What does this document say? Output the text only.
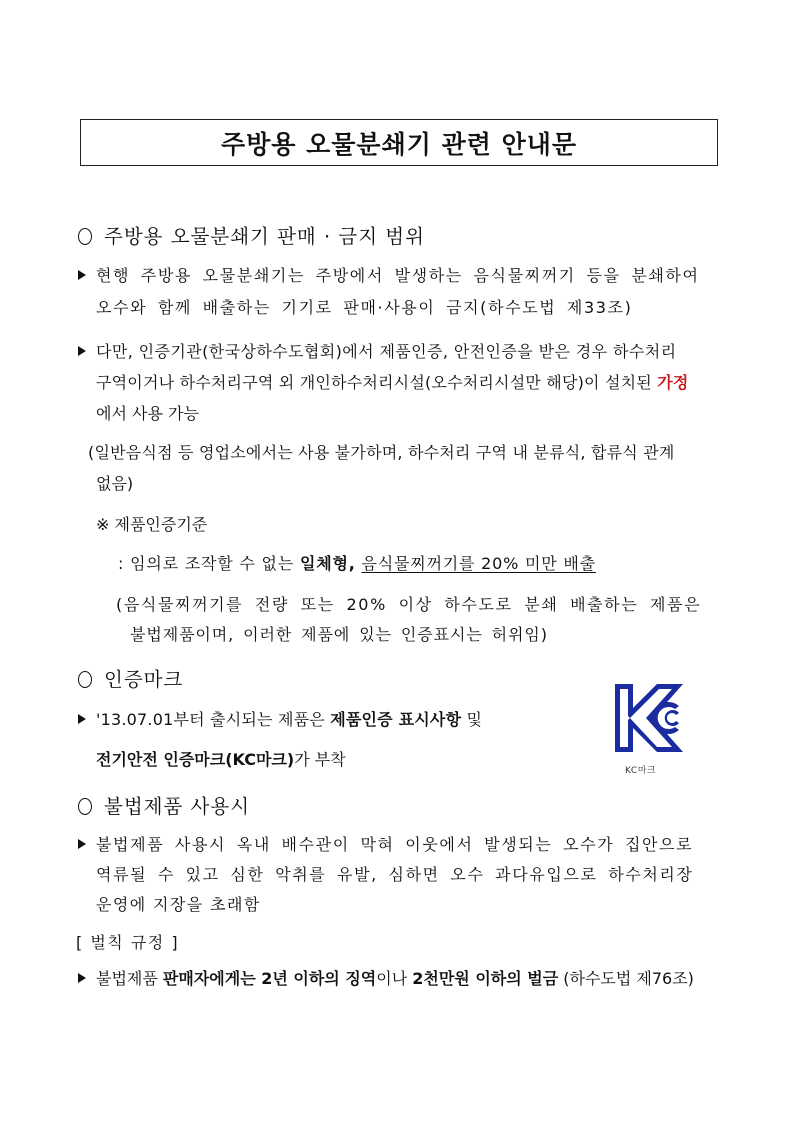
주방용 오물분쇄기 관련 안내문
주방용 오물분쇄기 판매 · 금지 범위
현행 주방용 오물분쇄기는 주방에서 발생하는 음식물찌꺼기 등을 분쇄하여
오수와 함께 배출하는 기기로 판매·사용이 금지(하수도법 제33조)
다만, 인증기관(한국상하수도협회)에서 제품인증, 안전인증을 받은 경우 하수처리
구역이거나 하수처리구역 외 개인하수처리시설(오수처리시설만 해당)이 설치된 가정
에서 사용 가능
(일반음식점 등 영업소에서는 사용 불가하며, 하수처리 구역 내 분류식, 합류식 관계
없음)
※ 제품인증기준
: 임의로 조작할 수 없는 일체형, 음식물찌꺼기를 20% 미만 배출
(음식물찌꺼기를 전량 또는 20% 이상 하수도로 분쇄 배출하는 제품은
불법제품이며, 이러한 제품에 있는 인증표시는 허위임)
인증마크
'13.07.01부터 출시되는 제품은 제품인증 표시사항 및
전기안전 인증마크(KC마크)가 부착
KC마크
불법제품 사용시
불법제품 사용시 옥내 배수관이 막혀 이웃에서 발생되는 오수가 집안으로
역류될 수 있고 심한 악취를 유발, 심하면 오수 과다유입으로 하수처리장
운영에 지장을 초래함
[ 벌칙 규정 ]
불법제품 판매자에게는 2년 이하의 징역이나 2천만원 이하의 벌금 (하수도법 제76조)
